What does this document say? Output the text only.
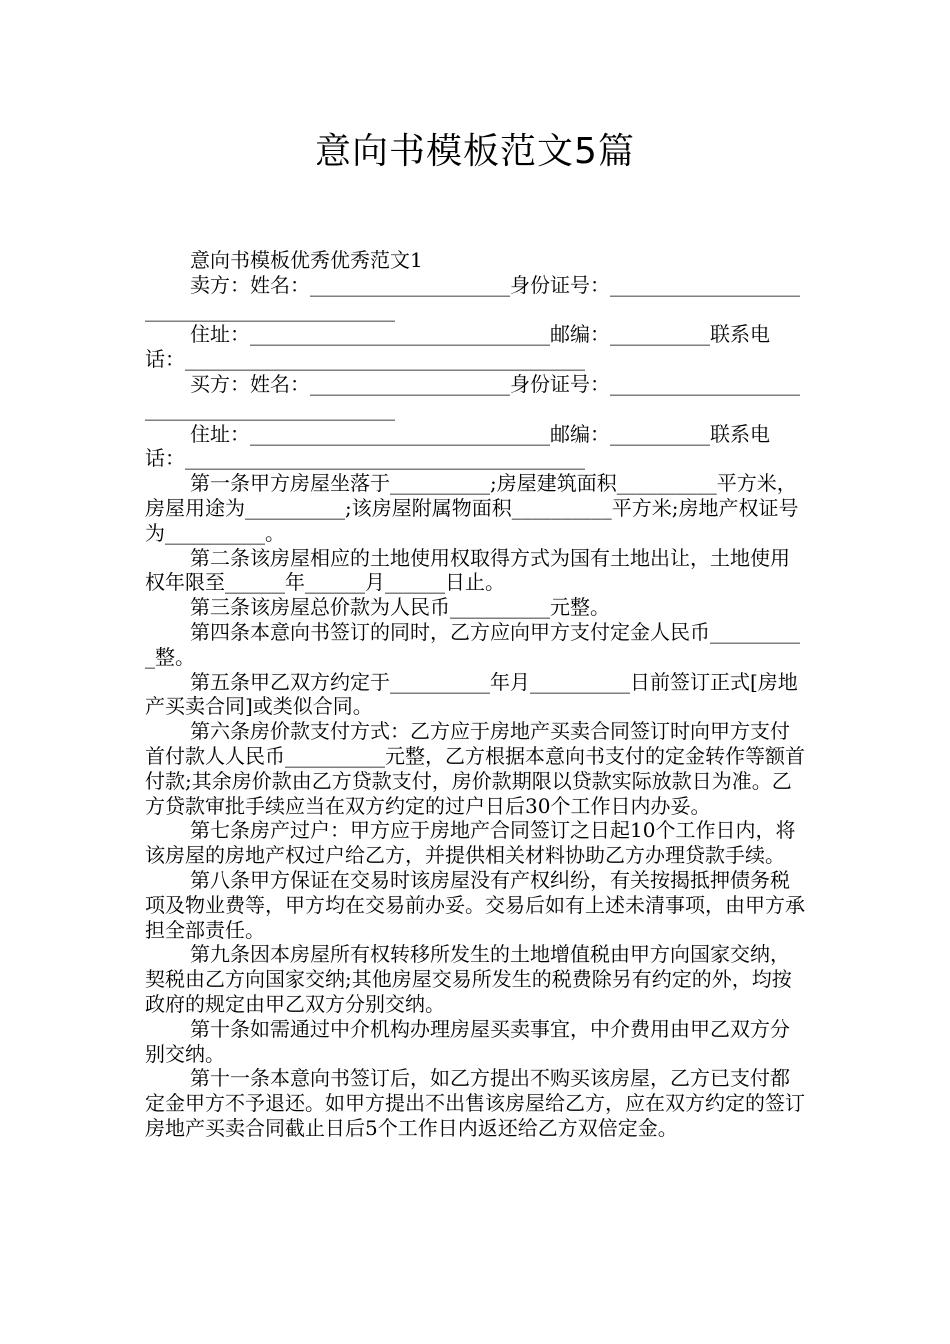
意向书模板范文5篇

意向书模板优秀优秀范文1

卖方：姓名：____________________身份证号：____________________________________________

住址：______________________________邮编：__________联系电话：________________________________________

买方：姓名：____________________身份证号：____________________________________________

住址：______________________________邮编：__________联系电话：________________________________________

第一条甲方房屋坐落于__________;房屋建筑面积__________平方米，房屋用途为__________;该房屋附属物面积__________平方米;房地产权证号为__________。

第二条该房屋相应的土地使用权取得方式为国有土地出让，土地使用权年限至______年______月______日止。

第三条该房屋总价款为人民币__________元整。

第四条本意向书签订的同时，乙方应向甲方支付定金人民币__________整。

第五条甲乙双方约定于__________年月__________日前签订正式[房地产买卖合同]或类似合同。

第六条房价款支付方式：乙方应于房地产买卖合同签订时向甲方支付首付款人人民币__________元整，乙方根据本意向书支付的定金转作等额首付款;其余房价款由乙方贷款支付，房价款期限以贷款实际放款日为准。乙方贷款审批手续应当在双方约定的过户日后30个工作日内办妥。

第七条房产过户：甲方应于房地产合同签订之日起10个工作日内，将该房屋的房地产权过户给乙方，并提供相关材料协助乙方办理贷款手续。

第八条甲方保证在交易时该房屋没有产权纠纷，有关按揭抵押债务税项及物业费等，甲方均在交易前办妥。交易后如有上述未清事项，由甲方承担全部责任。

第九条因本房屋所有权转移所发生的土地增值税由甲方向国家交纳，契税由乙方向国家交纳;其他房屋交易所发生的税费除另有约定的外，均按政府的规定由甲乙双方分别交纳。

第十条如需通过中介机构办理房屋买卖事宜，中介费用由甲乙双方分别交纳。

第十一条本意向书签订后，如乙方提出不购买该房屋，乙方已支付都定金甲方不予退还。如甲方提出不出售该房屋给乙方，应在双方约定的签订房地产买卖合同截止日后5个工作日内返还给乙方双倍定金。
